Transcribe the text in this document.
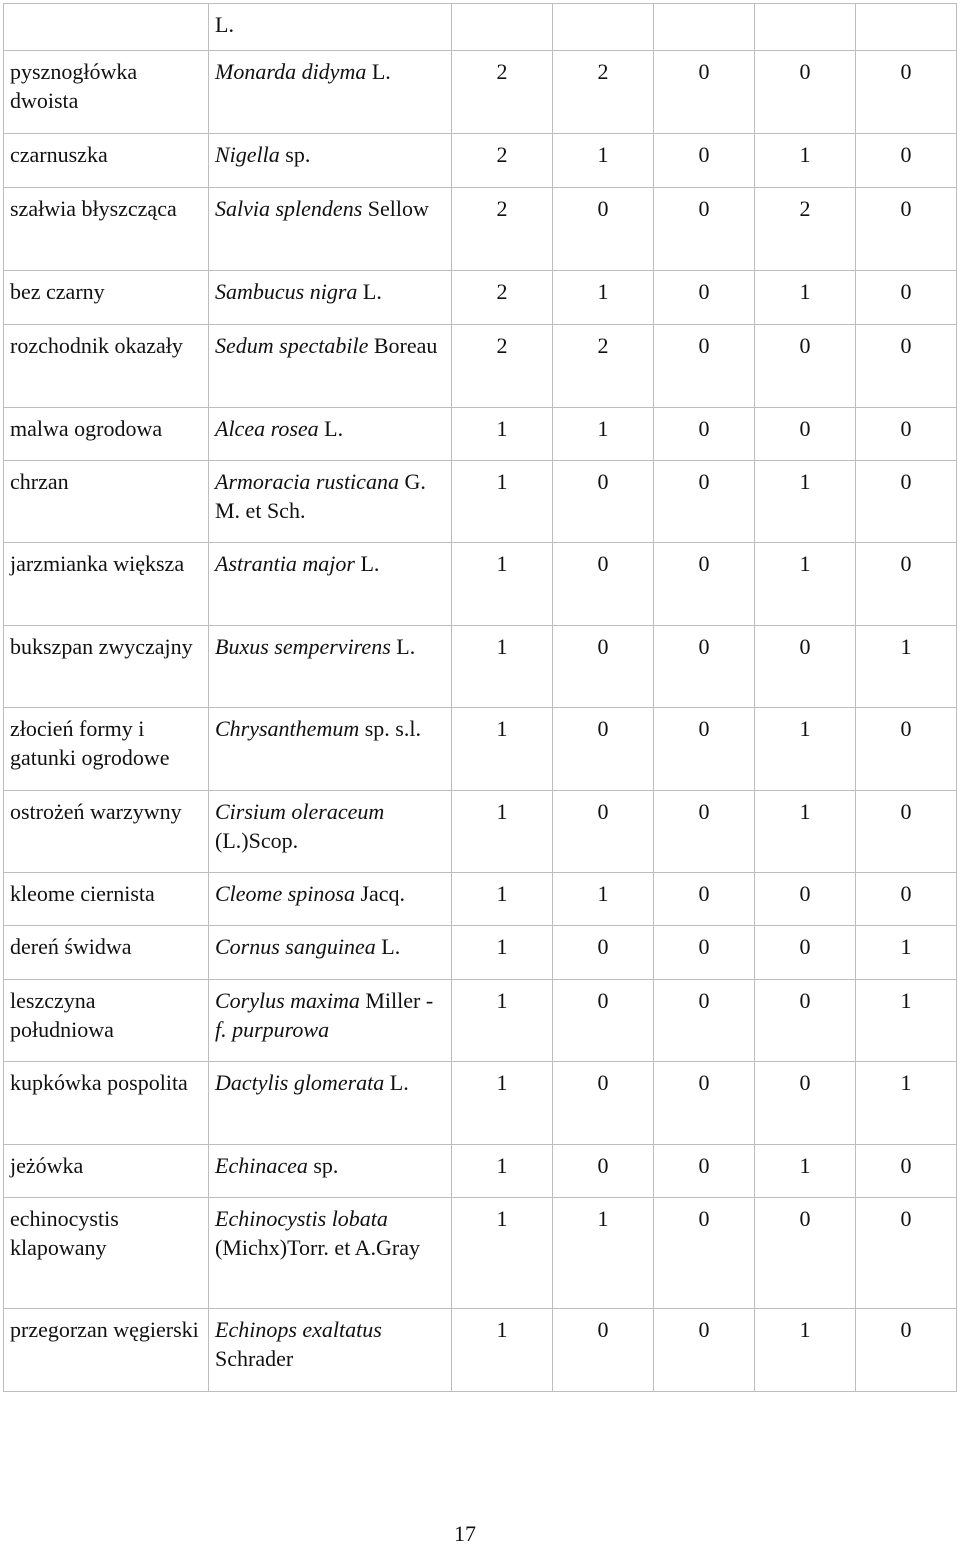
	L.					
pysznogłówka dwoista	Monarda didyma L.	2	2	0	0	0
czarnuszka	Nigella sp.	2	1	0	1	0
szałwia błyszcząca	Salvia splendens Sellow	2	0	0	2	0
bez czarny	Sambucus nigra L.	2	1	0	1	0
rozchodnik okazały	Sedum spectabile Boreau	2	2	0	0	0
malwa ogrodowa	Alcea rosea L.	1	1	0	0	0
chrzan	Armoracia rusticana G. M. et Sch.	1	0	0	1	0
jarzmianka większa	Astrantia major L.	1	0	0	1	0
bukszpan zwyczajny	Buxus sempervirens L.	1	0	0	0	1
złocień formy i gatunki ogrodowe	Chrysanthemum sp. s.l.	1	0	0	1	0
ostrożeń warzywny	Cirsium oleraceum (L.)Scop.	1	0	0	1	0
kleome ciernista	Cleome spinosa Jacq.	1	1	0	0	0
dereń świdwa	Cornus sanguinea L.	1	0	0	0	1
leszczyna południowa	Corylus maxima Miller - f. purpurowa	1	0	0	0	1
kupkówka pospolita	Dactylis glomerata L.	1	0	0	0	1
jeżówka	Echinacea sp.	1	0	0	1	0
echinocystis klapowany	Echinocystis lobata (Michx)Torr. et A.Gray	1	1	0	0	0
przegorzan węgierski	Echinops exaltatus Schrader	1	0	0	1	0
17
